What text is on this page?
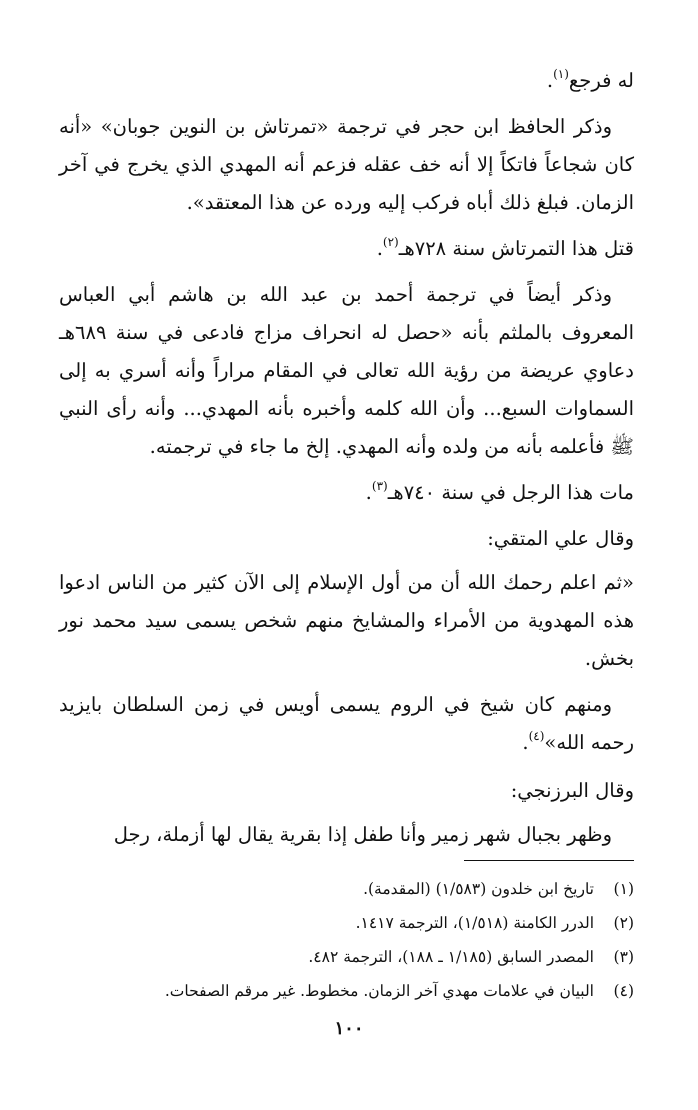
له فرجع$^{(١)}$.

وذكر الحافظ ابن حجر في ترجمة «تمرتاش بن النوين جوبان» «أنه كان شجاعاً فاتكاً إلا أنه خف عقله فزعم أنه المهدي الذي يخرج في آخر الزمان. فبلغ ذلك أباه فركب إليه ورده عن هذا المعتقد».

قتل هذا التمرتاش سنة ٧٢٨هـ$^{(٢)}$.

وذكر أيضاً في ترجمة أحمد بن عبد الله بن هاشم أبي العباس المعروف بالملثم بأنه «حصل له انحراف مزاج فادعى في سنة ٦٨٩هـ دعاوي عريضة من رؤية الله تعالى في المقام مراراً وأنه أسري به إلى السماوات السبع... وأن الله كلمه وأخبره بأنه المهدي... وأنه رأى النبي ﷺ فأعلمه بأنه من ولده وأنه المهدي. إلخ ما جاء في ترجمته.

مات هذا الرجل في سنة ٧٤٠هـ$^{(٣)}$.

وقال علي المتقي:

«ثم اعلم رحمك الله أن من أول الإسلام إلى الآن كثير من الناس ادعوا هذه المهدوية من الأمراء والمشايخ منهم شخص يسمى سيد محمد نور بخش.

ومنهم كان شيخ في الروم يسمى أويس في زمن السلطان بايزيد رحمه الله»$^{(٤)}$.

وقال البرزنجي:

وظهر بجبال شهر زمير وأنا طفل إذا بقرية يقال لها أزملة، رجل

(١)
تاريخ ابن خلدون (١/٥٨٣) (المقدمة).
(٢)
الدرر الكامنة (١/٥١٨)، الترجمة ١٤١٧.
(٣)
المصدر السابق (١/١٨٥ ـ ١٨٨)، الترجمة ٤٨٢.
(٤)
البيان في علامات مهدي آخر الزمان. مخطوط. غير مرقم الصفحات.
١٠٠
